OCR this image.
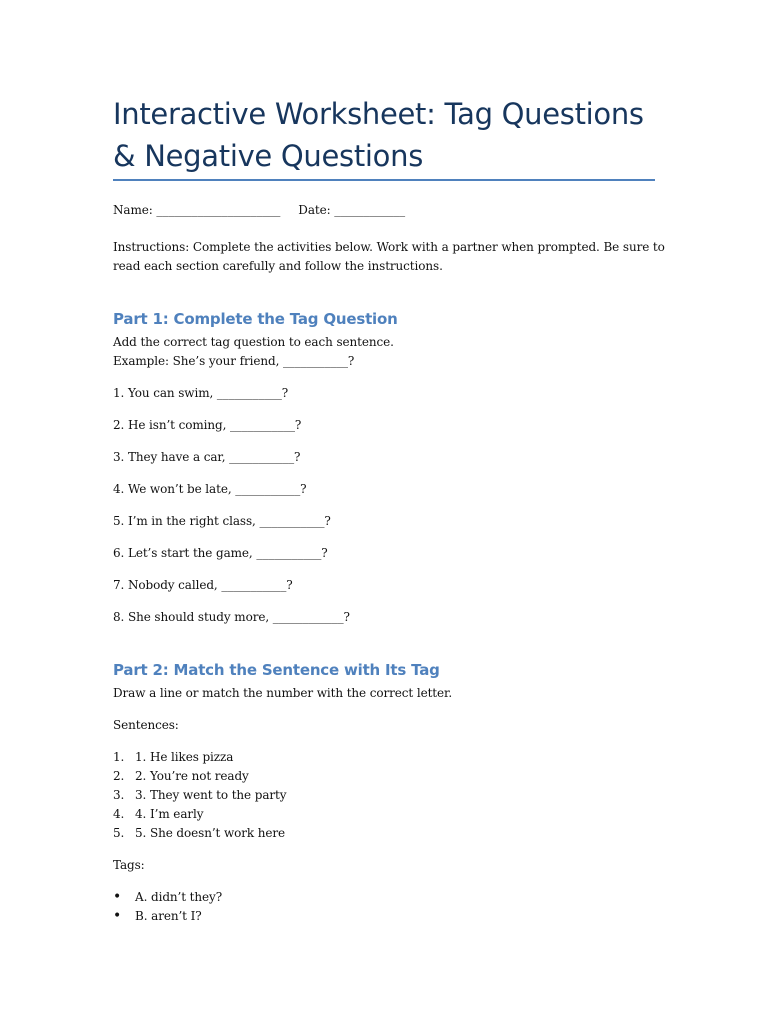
Interactive Worksheet: Tag Questions & Negative Questions
Name: _____________________ Date: ____________
Instructions: Complete the activities below. Work with a partner when prompted. Be sure to
read each section carefully and follow the instructions.
Part 1: Complete the Tag Question
Add the correct tag question to each sentence.
Example: She’s your friend, ___________?
1. You can swim, ___________?
2. He isn’t coming, ___________?
3. They have a car, ___________?
4. We won’t be late, ___________?
5. I’m in the right class, ___________?
6. Let’s start the game, ___________?
7. Nobody called, ___________?
8. She should study more, ____________?
Part 2: Match the Sentence with Its Tag
Draw a line or match the number with the correct letter.
Sentences:
1. 1. He likes pizza
2. 2. You’re not ready
3. 3. They went to the party
4. 4. I’m early
5. 5. She doesn’t work here
Tags:
• A. didn’t they?
• B. aren’t I?
